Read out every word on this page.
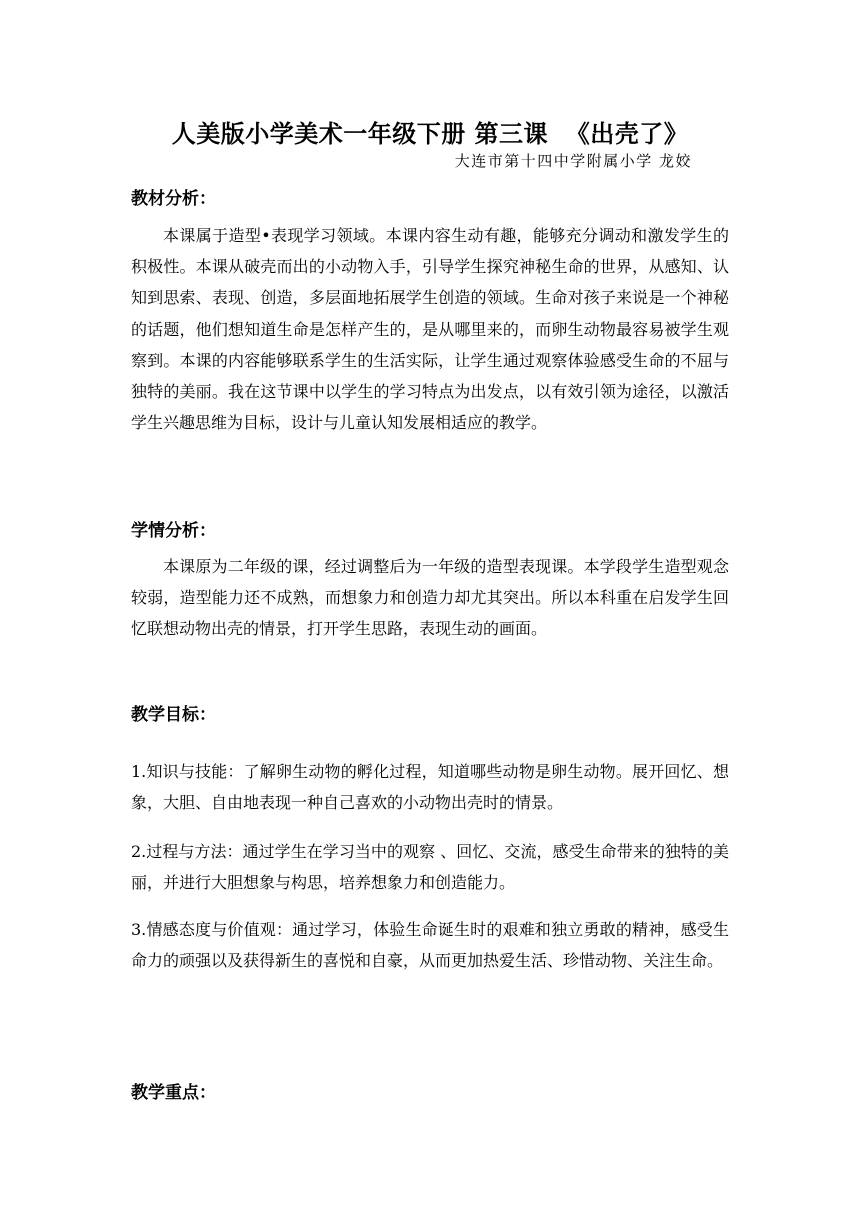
人美版小学美术一年级下册 第三课  《出壳了》
大连市第十四中学附属小学 龙姣
教材分析：
本课属于造型•表现学习领域。本课内容生动有趣，能够充分调动和激发学生的积极性。本课从破壳而出的小动物入手，引导学生探究神秘生命的世界，从感知、认知到思索、表现、创造，多层面地拓展学生创造的领域。生命对孩子来说是一个神秘的话题，他们想知道生命是怎样产生的，是从哪里来的，而卵生动物最容易被学生观察到。本课的内容能够联系学生的生活实际，让学生通过观察体验感受生命的不屈与独特的美丽。我在这节课中以学生的学习特点为出发点，以有效引领为途径，以激活学生兴趣思维为目标，设计与儿童认知发展相适应的教学。
学情分析：
本课原为二年级的课，经过调整后为一年级的造型表现课。本学段学生造型观念较弱，造型能力还不成熟，而想象力和创造力却尤其突出。所以本科重在启发学生回忆联想动物出壳的情景，打开学生思路，表现生动的画面。
教学目标：
1.知识与技能：了解卵生动物的孵化过程，知道哪些动物是卵生动物。展开回忆、想象，大胆、自由地表现一种自己喜欢的小动物出壳时的情景。
2.过程与方法：通过学生在学习当中的观察 、回忆、交流，感受生命带来的独特的美丽，并进行大胆想象与构思，培养想象力和创造能力。
3.情感态度与价值观：通过学习，体验生命诞生时的艰难和独立勇敢的精神，感受生命力的顽强以及获得新生的喜悦和自豪，从而更加热爱生活、珍惜动物、关注生命。
教学重点：
